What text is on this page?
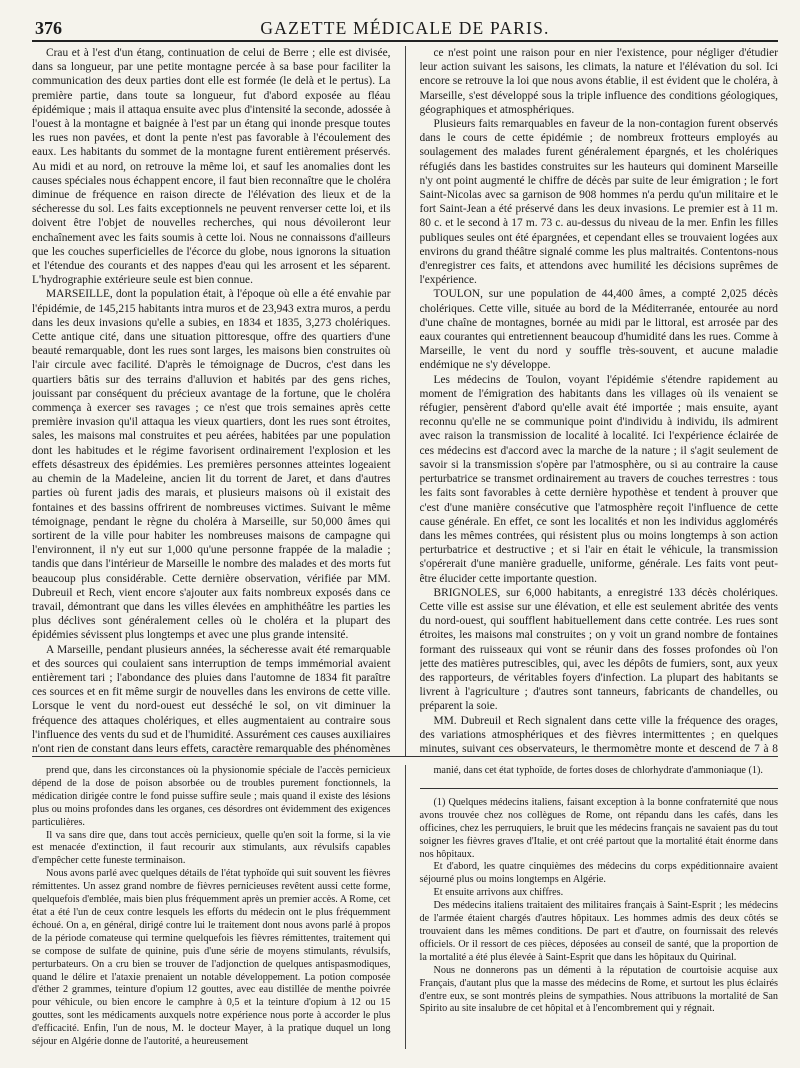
376	GAZETTE MÉDICALE DE PARIS.

Crau et à l'est d'un étang, continuation de celui de Berre ; elle est divisée, dans sa longueur, par une petite montagne percée à sa base pour faciliter la communication des deux parties dont elle est formée (le delà et le pertus). La première partie, dans toute sa longueur, fut d'abord exposée au fléau épidémique ; mais il attaqua ensuite avec plus d'intensité la seconde, adossée à l'ouest à la montagne et baignée à l'est par un étang qui inonde presque toutes les rues non pavées, et dont la pente n'est pas favorable à l'écoulement des eaux. Les habitants du sommet de la montagne furent entièrement préservés. Au midi et au nord, on retrouve la même loi, et sauf les anomalies dont les causes spéciales nous échappent encore, il faut bien reconnaître que le choléra diminue de fréquence en raison directe de l'élévation des lieux et de la sécheresse du sol. Les faits exceptionnels ne peuvent renverser cette loi, et ils doivent être l'objet de nouvelles recherches, qui nous dévoileront leur enchaînement avec les faits soumis à cette loi. Nous ne connaissons d'ailleurs que les couches superficielles de l'écorce du globe, nous ignorons la situation et l'étendue des courants et des nappes d'eau qui les arrosent et les séparent. L'hydrographie extérieure seule est bien connue.

MARSEILLE, dont la population était, à l'époque où elle a été envahie par l'épidémie, de 145,215 habitants intra muros et de 23,943 extra muros, a perdu dans les deux invasions qu'elle a subies, en 1834 et 1835, 3,273 cholériques. Cette antique cité, dans une situation pittoresque, offre des quartiers d'une beauté remarquable, dont les rues sont larges, les maisons bien construites où l'air circule avec facilité. D'après le témoignage de Ducros, c'est dans les quartiers bâtis sur des terrains d'alluvion et habités par des gens riches, jouissant par conséquent du précieux avantage de la fortune, que le choléra commença à exercer ses ravages ; ce n'est que trois semaines après cette première invasion qu'il attaqua les vieux quartiers, dont les rues sont étroites, sales, les maisons mal construites et peu aérées, habitées par une population dont les habitudes et le régime favorisent ordinairement l'explosion et les effets désastreux des épidémies. Les premières personnes atteintes logeaient au chemin de la Madeleine, ancien lit du torrent de Jaret, et dans d'autres parties où furent jadis des marais, et plusieurs maisons où il existait des fontaines et des bassins offrirent de nombreuses victimes. Suivant le même témoignage, pendant le règne du choléra à Marseille, sur 50,000 âmes qui sortirent de la ville pour habiter les nombreuses maisons de campagne qui l'environnent, il n'y eut sur 1,000 qu'une personne frappée de la maladie ; tandis que dans l'intérieur de Marseille le nombre des malades et des morts fut beaucoup plus considérable. Cette dernière observation, vérifiée par MM. Dubreuil et Rech, vient encore s'ajouter aux faits nombreux exposés dans ce travail, démontrant que dans les villes élevées en amphithéâtre les parties les plus déclives sont généralement celles où le choléra et la plupart des épidémies sévissent plus longtemps et avec une plus grande intensité.

A Marseille, pendant plusieurs années, la sécheresse avait été remarquable et des sources qui coulaient sans interruption de temps immémorial avaient entièrement tari ; l'abondance des pluies dans l'automne de 1834 fit paraître ces sources et en fit même surgir de nouvelles dans les environs de cette ville. Lorsque le vent du nord-ouest eut desséché le sol, on vit diminuer la fréquence des attaques cholériques, et elles augmentaient au contraire sous l'influence des vents du sud et de l'humidité. Assurément ces causes auxiliaires n'ont rien de constant dans leurs effets, caractère remarquable des phénomènes

ce n'est point une raison pour en nier l'existence, pour négliger d'étudier leur action suivant les saisons, les climats, la nature et l'élévation du sol. Ici encore se retrouve la loi que nous avons établie, il est évident que le choléra, à Marseille, s'est développé sous la triple influence des conditions géologiques, géographiques et atmosphériques.

Plusieurs faits remarquables en faveur de la non-contagion furent observés dans le cours de cette épidémie ; de nombreux frotteurs employés au soulagement des malades furent généralement épargnés, et les cholériques réfugiés dans les bastides construites sur les hauteurs qui dominent Marseille n'y ont point augmenté le chiffre de décès par suite de leur émigration ; le fort Saint-Nicolas avec sa garnison de 908 hommes n'a perdu qu'un militaire et le fort Saint-Jean a été préservé dans les deux invasions. Le premier est à 11 m. 80 c. et le second à 17 m. 73 c. au-dessus du niveau de la mer. Enfin les filles publiques seules ont été épargnées, et cependant elles se trouvaient logées aux environs du grand théâtre signalé comme les plus maltraités. Contentons-nous d'enregistrer ces faits, et attendons avec humilité les décisions suprêmes de l'expérience.

TOULON, sur une population de 44,400 âmes, a compté 2,025 décès cholériques. Cette ville, située au bord de la Méditerranée, entourée au nord d'une chaîne de montagnes, bornée au midi par le littoral, est arrosée par des eaux courantes qui entretiennent beaucoup d'humidité dans les rues. Comme à Marseille, le vent du nord y souffle très-souvent, et aucune maladie endémique ne s'y développe.

Les médecins de Toulon, voyant l'épidémie s'étendre rapidement au moment de l'émigration des habitants dans les villages où ils venaient se réfugier, pensèrent d'abord qu'elle avait été importée ; mais ensuite, ayant reconnu qu'elle ne se communique point d'individu à individu, ils admirent avec raison la transmission de localité à localité. Ici l'expérience éclairée de ces médecins est d'accord avec la marche de la nature ; il s'agit seulement de savoir si la transmission s'opère par l'atmosphère, ou si au contraire la cause perturbatrice se transmet ordinairement au travers de couches terrestres : tous les faits sont favorables à cette dernière hypothèse et tendent à prouver que c'est d'une manière consécutive que l'atmosphère reçoit l'influence de cette cause générale. En effet, ce sont les localités et non les individus agglomérés dans les mêmes contrées, qui résistent plus ou moins longtemps à son action perturbatrice et destructive ; et si l'air en était le véhicule, la transmission s'opérerait d'une manière graduelle, uniforme, générale. Les faits vont peut-être élucider cette importante question.

BRIGNOLES, sur 6,000 habitants, a enregistré 133 décès cholériques. Cette ville est assise sur une élévation, et elle est seulement abritée des vents du nord-ouest, qui soufflent habituellement dans cette contrée. Les rues sont étroites, les maisons mal construites ; on y voit un grand nombre de fontaines formant des ruisseaux qui vont se réunir dans des fosses profondes où l'on jette des matières putrescibles, qui, avec les dépôts de fumiers, sont, aux yeux des rapporteurs, de véritables foyers d'infection. La plupart des habitants se livrent à l'agriculture ; d'autres sont tanneurs, fabricants de chandelles, ou préparent la soie.

MM. Dubreuil et Rech signalent dans cette ville la fréquence des orages, des variations atmosphériques et des fièvres intermittentes ; en quelques minutes, suivant ces observateurs, le thermomètre monte et descend de 7 à 8

prend que, dans les circonstances où la physionomie spéciale de l'accès pernicieux dépend de la dose de poison absorbée ou de troubles purement fonctionnels, la médication dirigée contre le fond puisse suffire seule ; mais quand il existe des lésions plus ou moins profondes dans les organes, ces désordres ont évidemment des exigences particulières.

Il va sans dire que, dans tout accès pernicieux, quelle qu'en soit la forme, si la vie est menacée d'extinction, il faut recourir aux stimulants, aux révulsifs capables d'empêcher cette funeste terminaison.

Nous avons parlé avec quelques détails de l'état typhoïde qui suit souvent les fièvres rémittentes. Un assez grand nombre de fièvres pernicieuses revêtent aussi cette forme, quelquefois d'emblée, mais bien plus fréquemment après un premier accès. A Rome, cet état a été l'un de ceux contre lesquels les efforts du médecin ont le plus fréquemment échoué. On a, en général, dirigé contre lui le traitement dont nous avons parlé à propos de la période comateuse qui termine quelquefois les fièvres rémittentes, traitement qui se compose de sulfate de quinine, puis d'une série de moyens stimulants, révulsifs, perturbateurs. On a cru bien se trouver de l'adjonction de quelques antispasmodiques, quand le délire et l'ataxie prenaient un notable développement. La potion composée d'éther 2 grammes, teinture d'opium 12 gouttes, avec eau distillée de menthe poivrée pour véhicule, ou bien encore le camphre à 0,5 et la teinture d'opium à 12 ou 15 gouttes, sont les médicaments auxquels notre expérience nous porte à accorder le plus d'efficacité. Enfin, l'un de nous, M. le docteur Mayer, à la pratique duquel un long séjour en Algérie donne de l'autorité, a heureusement

manié, dans cet état typhoïde, de fortes doses de chlorhydrate d'ammoniaque (1).

(1) Quelques médecins italiens, faisant exception à la bonne confraternité que nous avons trouvée chez nos collègues de Rome, ont répandu dans les cafés, dans les officines, chez les perruquiers, le bruit que les médecins français ne savaient pas du tout soigner les fièvres graves d'Italie, et ont créé partout que la mortalité était énorme dans nos hôpitaux.

Et d'abord, les quatre cinquièmes des médecins du corps expéditionnaire avaient séjourné plus ou moins longtemps en Algérie.

Et ensuite arrivons aux chiffres.

Des médecins italiens traitaient des militaires français à Saint-Esprit ; les médecins de l'armée étaient chargés d'autres hôpitaux. Les hommes admis des deux côtés se trouvaient dans les mêmes conditions. De part et d'autre, on fournissait des relevés officiels. Or il ressort de ces pièces, déposées au conseil de santé, que la proportion de la mortalité a été plus élevée à Saint-Esprit que dans les hôpitaux du Quirinal.

Nous ne donnerons pas un démenti à la réputation de courtoisie acquise aux Français, d'autant plus que la masse des médecins de Rome, et surtout les plus éclairés d'entre eux, se sont montrés pleins de sympathies. Nous attribuons la mortalité de San Spirito au site insalubre de cet hôpital et à l'encombrement qui y régnait.
